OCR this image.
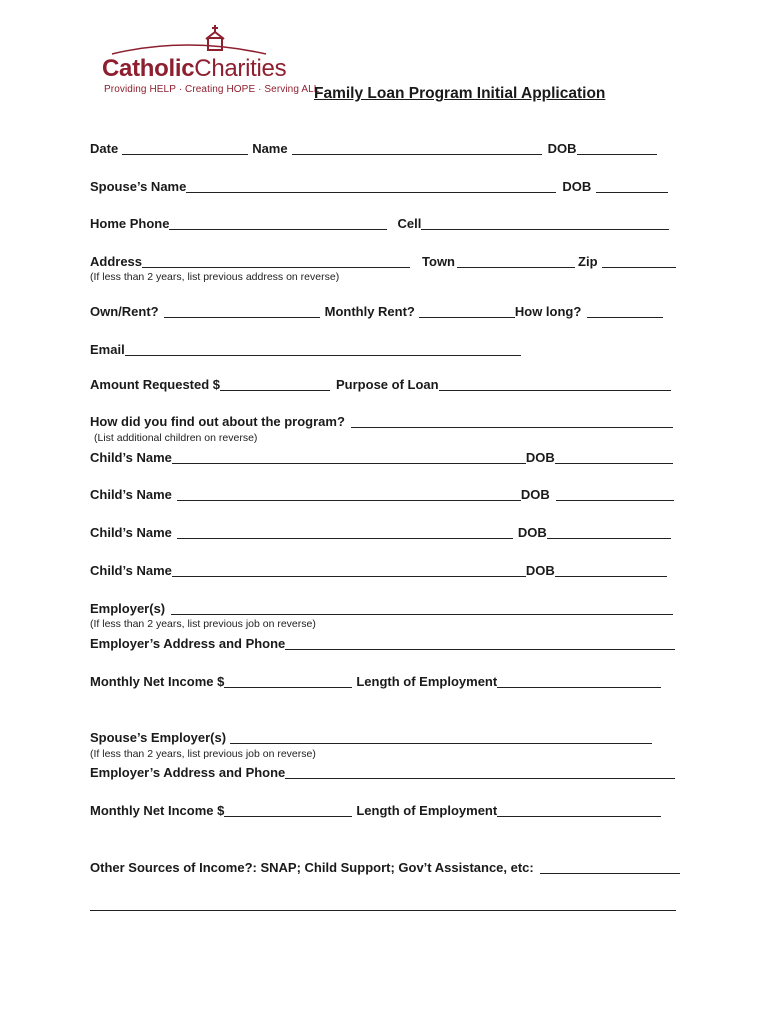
CatholicCharities
Providing HELP · Creating HOPE · Serving ALL
Family Loan Program Initial Application
Date	Name	DOB
Spouse’s Name	DOB
Home Phone	Cell
Address	Town	Zip
(If less than 2 years, list previous address on reverse)
Own/Rent?	Monthly Rent?	How long?
Email
Amount Requested $	Purpose of Loan
How did you find out about the program?
(List additional children on reverse)
Child’s Name	DOB
Child’s Name	DOB
Child’s Name	DOB
Child’s Name	DOB
Employer(s)
(If less than 2 years, list previous job on reverse)
Employer’s Address and Phone
Monthly Net Income $	Length of Employment
Spouse’s Employer(s)
(If less than 2 years, list previous job on reverse)
Employer’s Address and Phone
Monthly Net Income $	Length of Employment
Other Sources of Income?: SNAP; Child Support; Gov’t Assistance, etc:
